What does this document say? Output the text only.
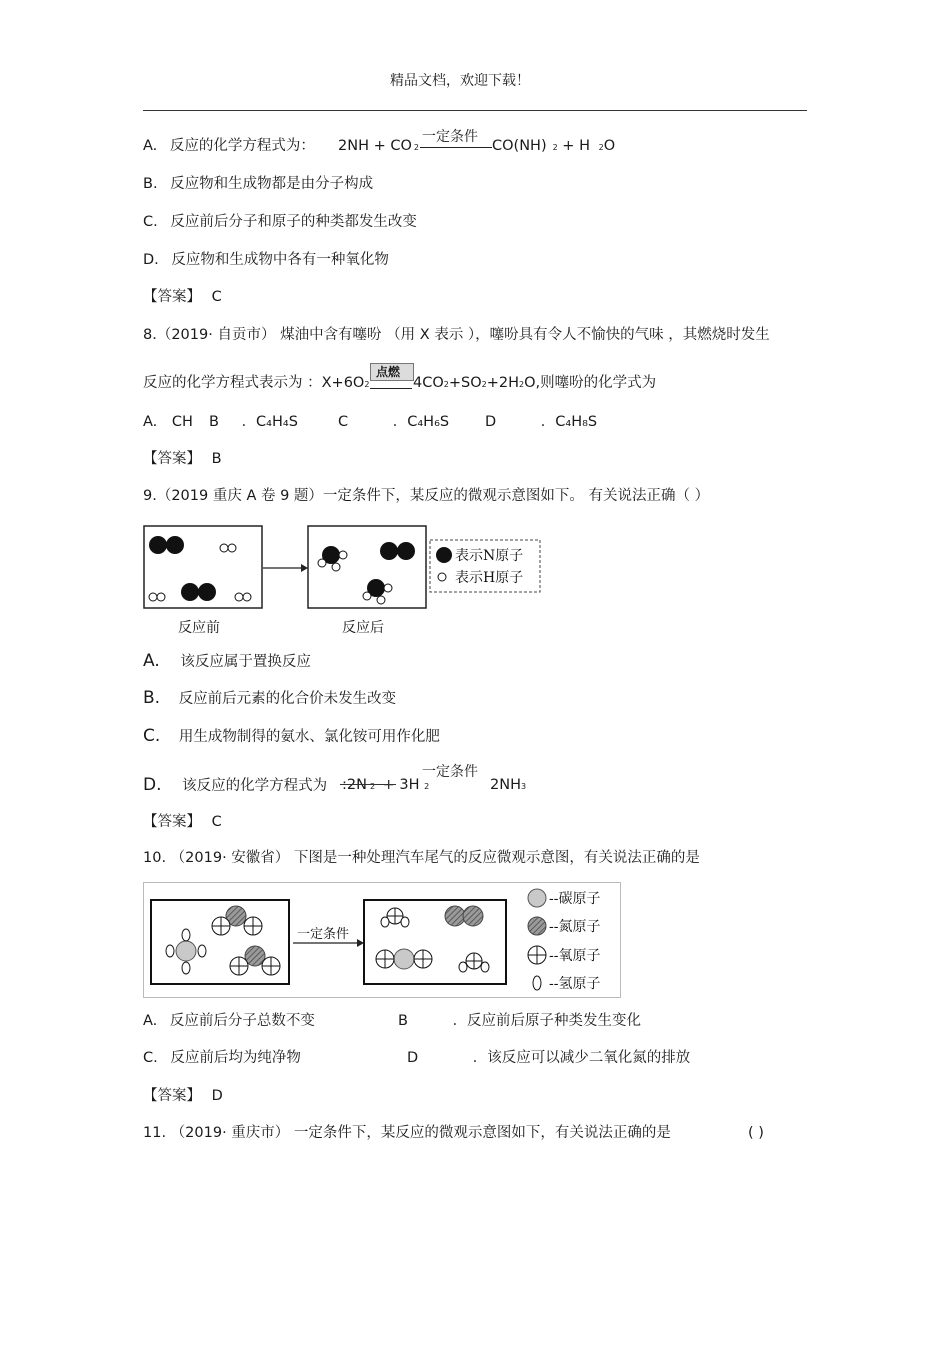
精品文档，欢迎下载！
A. 反应的化学方程式为： 2NH + CO 2
一定条件
CO(NH) 2 + H 2O
B. 反应物和生成物都是由分子构成
C. 反应前后分子和原子的种类都发生改变
D. 反应物和生成物中各有一种氧化物
【答案】 C
8.（2019· 自贡市） 煤油中含有噻吩 （用 X 表示 ），噻吩具有令人不愉快的气味 ，其燃烧时发生
反应的化学方程式表示为 ：X+6O2
点燃
4CO2+SO2+2H2O,则噻吩的化学式为
A. CH B ．C₄H₄S	C	．C₄H₆S D	．C₄H₈S
【答案】 B
9.（2019 重庆 A 卷 9 题）一定条件下，某反应的微观示意图如下。 有关说法正确（ ）
表示N原子
表示H原子
反应前	反应后
A. 该反应属于置换反应
B. 反应前后元素的化合价未发生改变
C. 用生成物制得的氨水、氯化铵可用作化肥
D. 该反应的化学方程式为 :2N 2 + 3H 2
一定条件
2NH3
【答案】 C
10. （2019· 安徽省） 下图是一种处理汽车尾气的反应微观示意图，有关说法正确的是
一定条件
--碳原子
--氮原子
--氧原子
--氢原子
A. 反应前后分子总数不变	B	．反应前后原子种类发生变化
C. 反应前后均为纯净物	D	．该反应可以减少二氧化氮的排放
【答案】 D
11. （2019· 重庆市） 一定条件下，某反应的微观示意图如下，有关说法正确的是	( )
